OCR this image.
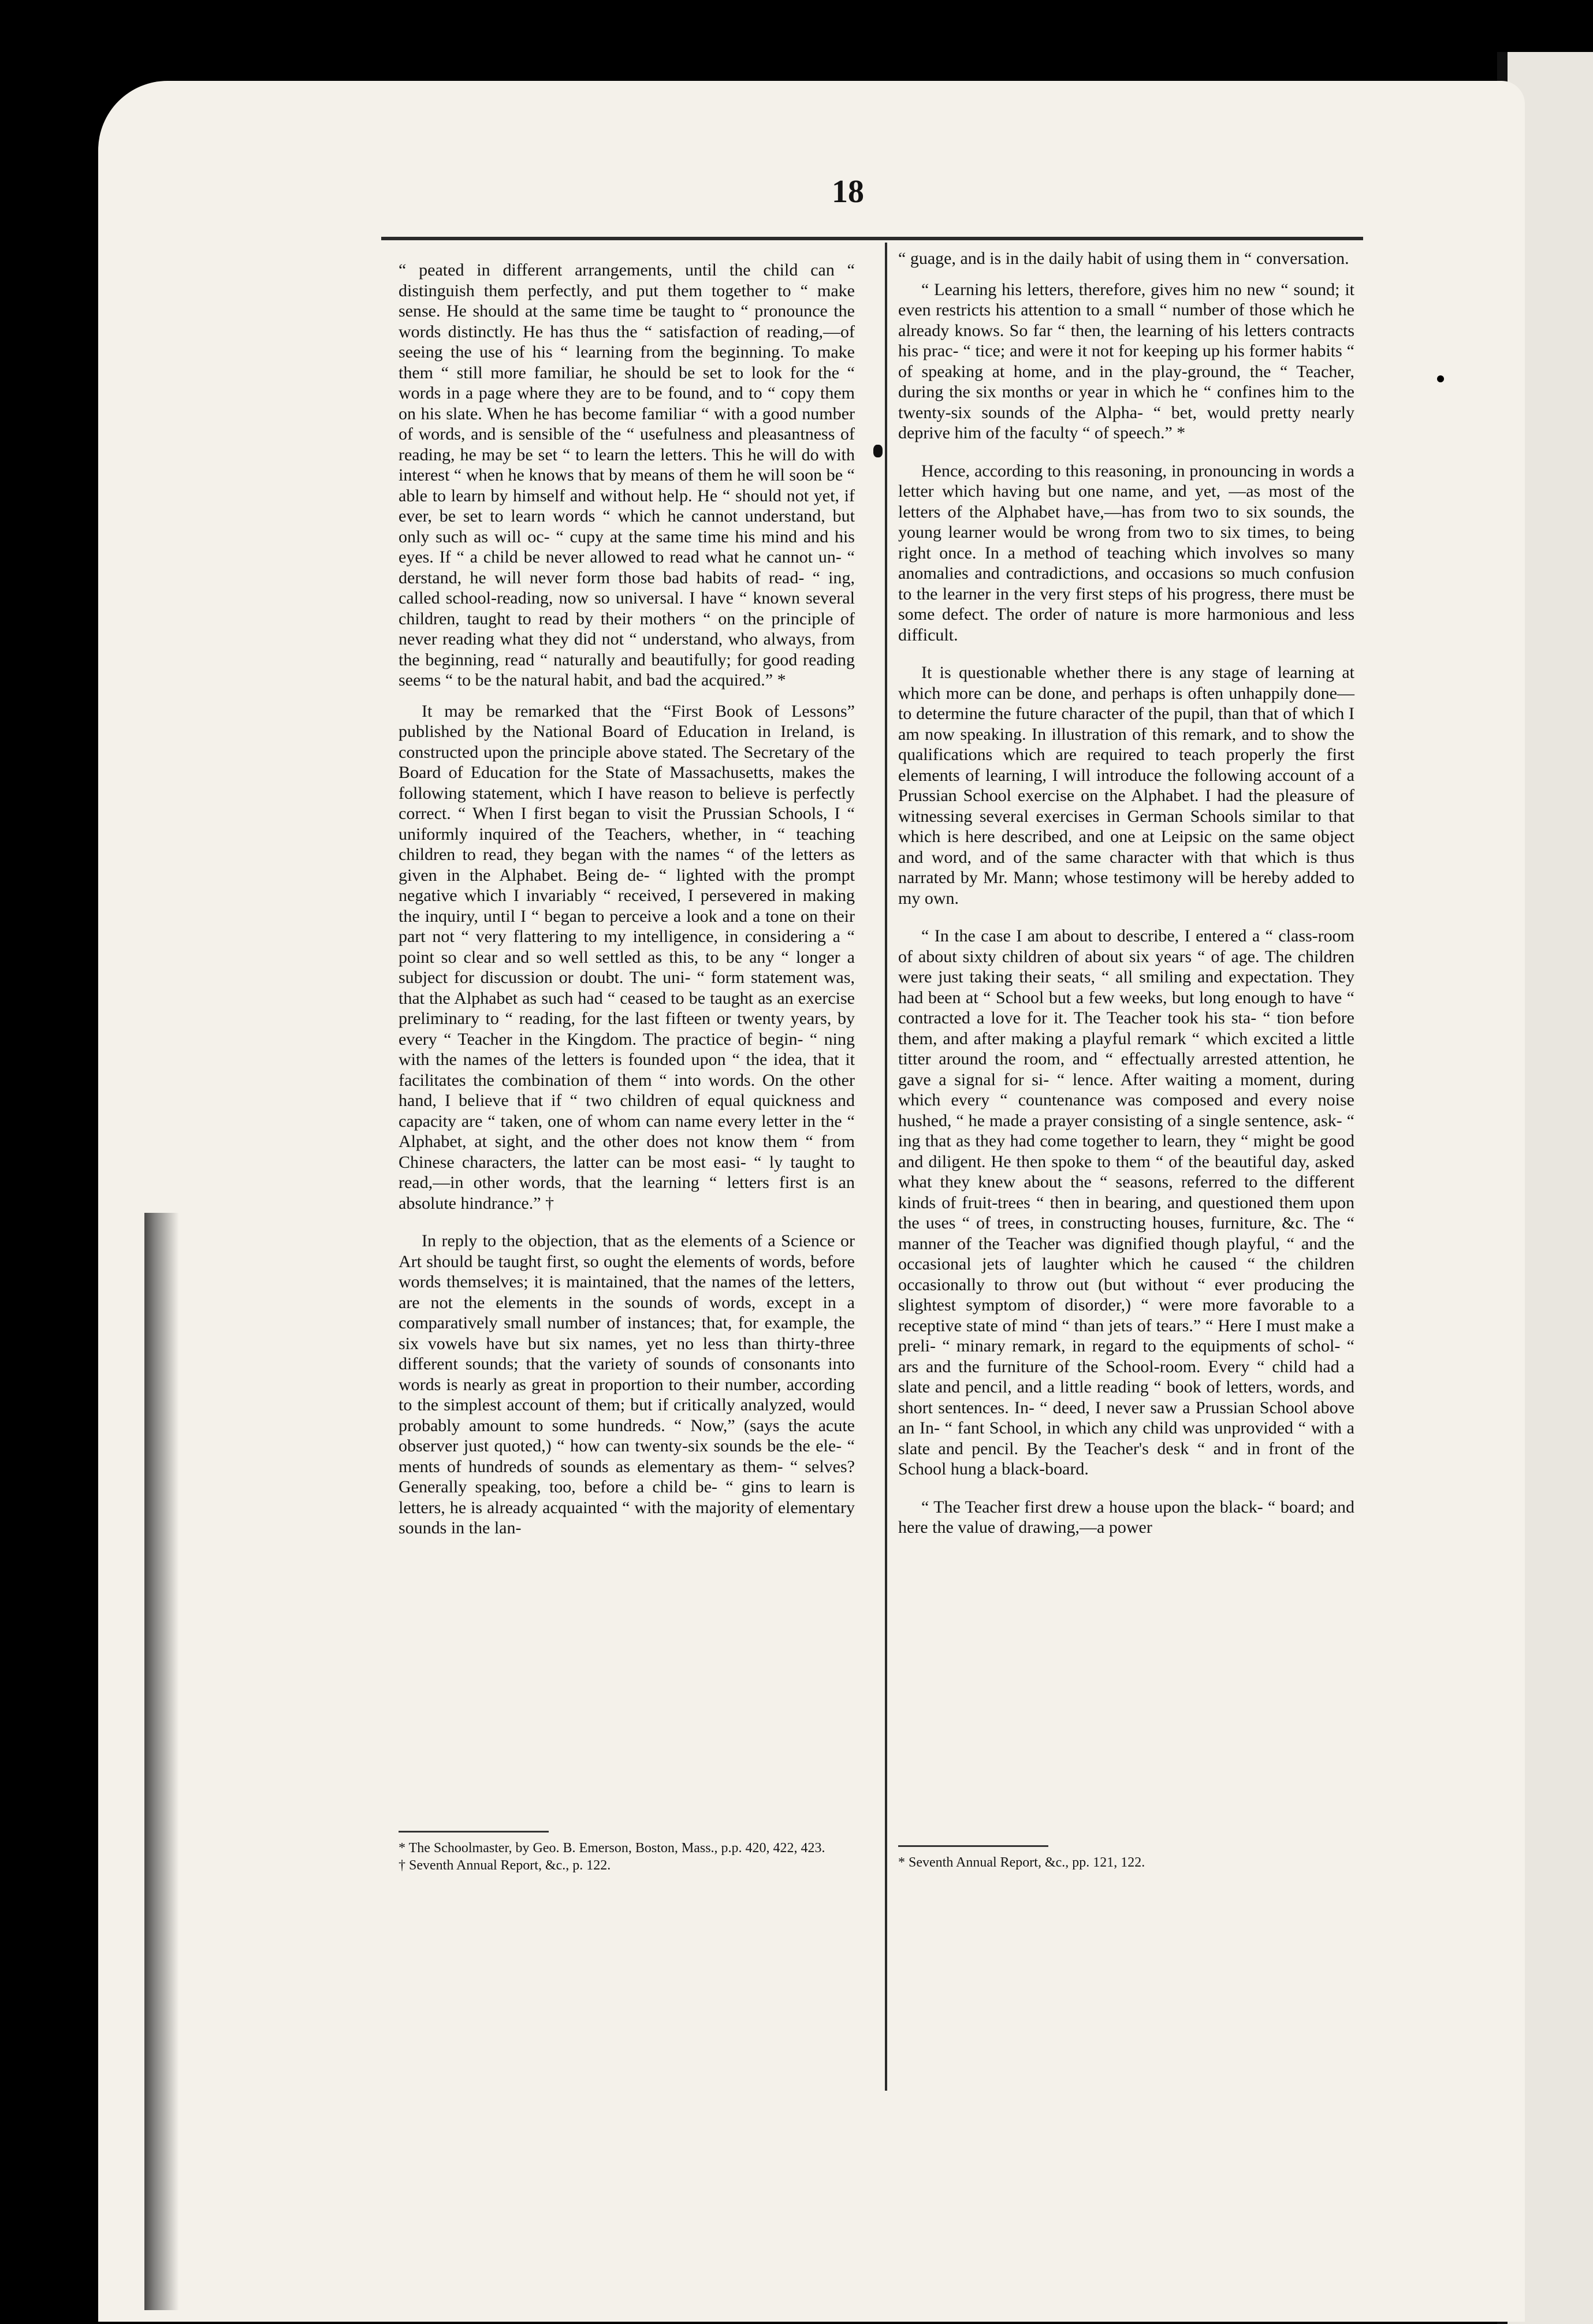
18

“ peated in different arrangements, until the child can “ distinguish them perfectly, and put them together to “ make sense. He should at the same time be taught to “ pronounce the words distinctly. He has thus the “ satisfaction of reading,—of seeing the use of his “ learning from the beginning. To make them “ still more familiar, he should be set to look for the “ words in a page where they are to be found, and to “ copy them on his slate. When he has become familiar “ with a good number of words, and is sensible of the “ usefulness and pleasantness of reading, he may be set “ to learn the letters. This he will do with interest “ when he knows that by means of them he will soon be “ able to learn by himself and without help. He “ should not yet, if ever, be set to learn words “ which he cannot understand, but only such as will oc- “ cupy at the same time his mind and his eyes. If “ a child be never allowed to read what he cannot un- “ derstand, he will never form those bad habits of read- “ ing, called school-reading, now so universal. I have “ known several children, taught to read by their mothers “ on the principle of never reading what they did not “ understand, who always, from the beginning, read “ naturally and beautifully; for good reading seems “ to be the natural habit, and bad the acquired.” *

It may be remarked that the “First Book of Lessons” published by the National Board of Education in Ireland, is constructed upon the principle above stated. The Secretary of the Board of Education for the State of Massachusetts, makes the following statement, which I have reason to believe is perfectly correct. “ When I first began to visit the Prussian Schools, I “ uniformly inquired of the Teachers, whether, in “ teaching children to read, they began with the names “ of the letters as given in the Alphabet. Being de- “ lighted with the prompt negative which I invariably “ received, I persevered in making the inquiry, until I “ began to perceive a look and a tone on their part not “ very flattering to my intelligence, in considering a “ point so clear and so well settled as this, to be any “ longer a subject for discussion or doubt. The uni- “ form statement was, that the Alphabet as such had “ ceased to be taught as an exercise preliminary to “ reading, for the last fifteen or twenty years, by every “ Teacher in the Kingdom. The practice of begin- “ ning with the names of the letters is founded upon “ the idea, that it facilitates the combination of them “ into words. On the other hand, I believe that if “ two children of equal quickness and capacity are “ taken, one of whom can name every letter in the “ Alphabet, at sight, and the other does not know them “ from Chinese characters, the latter can be most easi- “ ly taught to read,—in other words, that the learning “ letters first is an absolute hindrance.” †

In reply to the objection, that as the elements of a Science or Art should be taught first, so ought the elements of words, before words themselves; it is maintained, that the names of the letters, are not the elements in the sounds of words, except in a comparatively small number of instances; that, for example, the six vowels have but six names, yet no less than thirty-three different sounds; that the variety of sounds of consonants into words is nearly as great in proportion to their number, according to the simplest account of them; but if critically analyzed, would probably amount to some hundreds. “ Now,” (says the acute observer just quoted,) “ how can twenty-six sounds be the ele- “ ments of hundreds of sounds as elementary as them- “ selves? Generally speaking, too, before a child be- “ gins to learn is letters, he is already acquainted “ with the majority of elementary sounds in the lan-

* The Schoolmaster, by Geo. B. Emerson, Boston, Mass., p.p. 420, 422, 423.

† Seventh Annual Report, &c., p. 122.

“ guage, and is in the daily habit of using them in “ conversation.

“ Learning his letters, therefore, gives him no new “ sound; it even restricts his attention to a small “ number of those which he already knows. So far “ then, the learning of his letters contracts his prac- “ tice; and were it not for keeping up his former habits “ of speaking at home, and in the play-ground, the “ Teacher, during the six months or year in which he “ confines him to the twenty-six sounds of the Alpha- “ bet, would pretty nearly deprive him of the faculty “ of speech.” *

Hence, according to this reasoning, in pronouncing in words a letter which having but one name, and yet, —as most of the letters of the Alphabet have,—has from two to six sounds, the young learner would be wrong from two to six times, to being right once. In a method of teaching which involves so many anomalies and contradictions, and occasions so much confusion to the learner in the very first steps of his progress, there must be some defect. The order of nature is more harmonious and less difficult.

It is questionable whether there is any stage of learning at which more can be done, and perhaps is often unhappily done—to determine the future character of the pupil, than that of which I am now speaking. In illustration of this remark, and to show the qualifications which are required to teach properly the first elements of learning, I will introduce the following account of a Prussian School exercise on the Alphabet. I had the pleasure of witnessing several exercises in German Schools similar to that which is here described, and one at Leipsic on the same object and word, and of the same character with that which is thus narrated by Mr. Mann; whose testimony will be hereby added to my own.

“ In the case I am about to describe, I entered a “ class-room of about sixty children of about six years “ of age. The children were just taking their seats, “ all smiling and expectation. They had been at “ School but a few weeks, but long enough to have “ contracted a love for it. The Teacher took his sta- “ tion before them, and after making a playful remark “ which excited a little titter around the room, and “ effectually arrested attention, he gave a signal for si- “ lence. After waiting a moment, during which every “ countenance was composed and every noise hushed, “ he made a prayer consisting of a single sentence, ask- “ ing that as they had come together to learn, they “ might be good and diligent. He then spoke to them “ of the beautiful day, asked what they knew about the “ seasons, referred to the different kinds of fruit-trees “ then in bearing, and questioned them upon the uses “ of trees, in constructing houses, furniture, &c. The “ manner of the Teacher was dignified though playful, “ and the occasional jets of laughter which he caused “ the children occasionally to throw out (but without “ ever producing the slightest symptom of disorder,) “ were more favorable to a receptive state of mind “ than jets of tears.” “ Here I must make a preli- “ minary remark, in regard to the equipments of schol- “ ars and the furniture of the School-room. Every “ child had a slate and pencil, and a little reading “ book of letters, words, and short sentences. In- “ deed, I never saw a Prussian School above an In- “ fant School, in which any child was unprovided “ with a slate and pencil. By the Teacher's desk “ and in front of the School hung a black-board.

“ The Teacher first drew a house upon the black- “ board; and here the value of drawing,—a power

* Seventh Annual Report, &c., pp. 121, 122.
